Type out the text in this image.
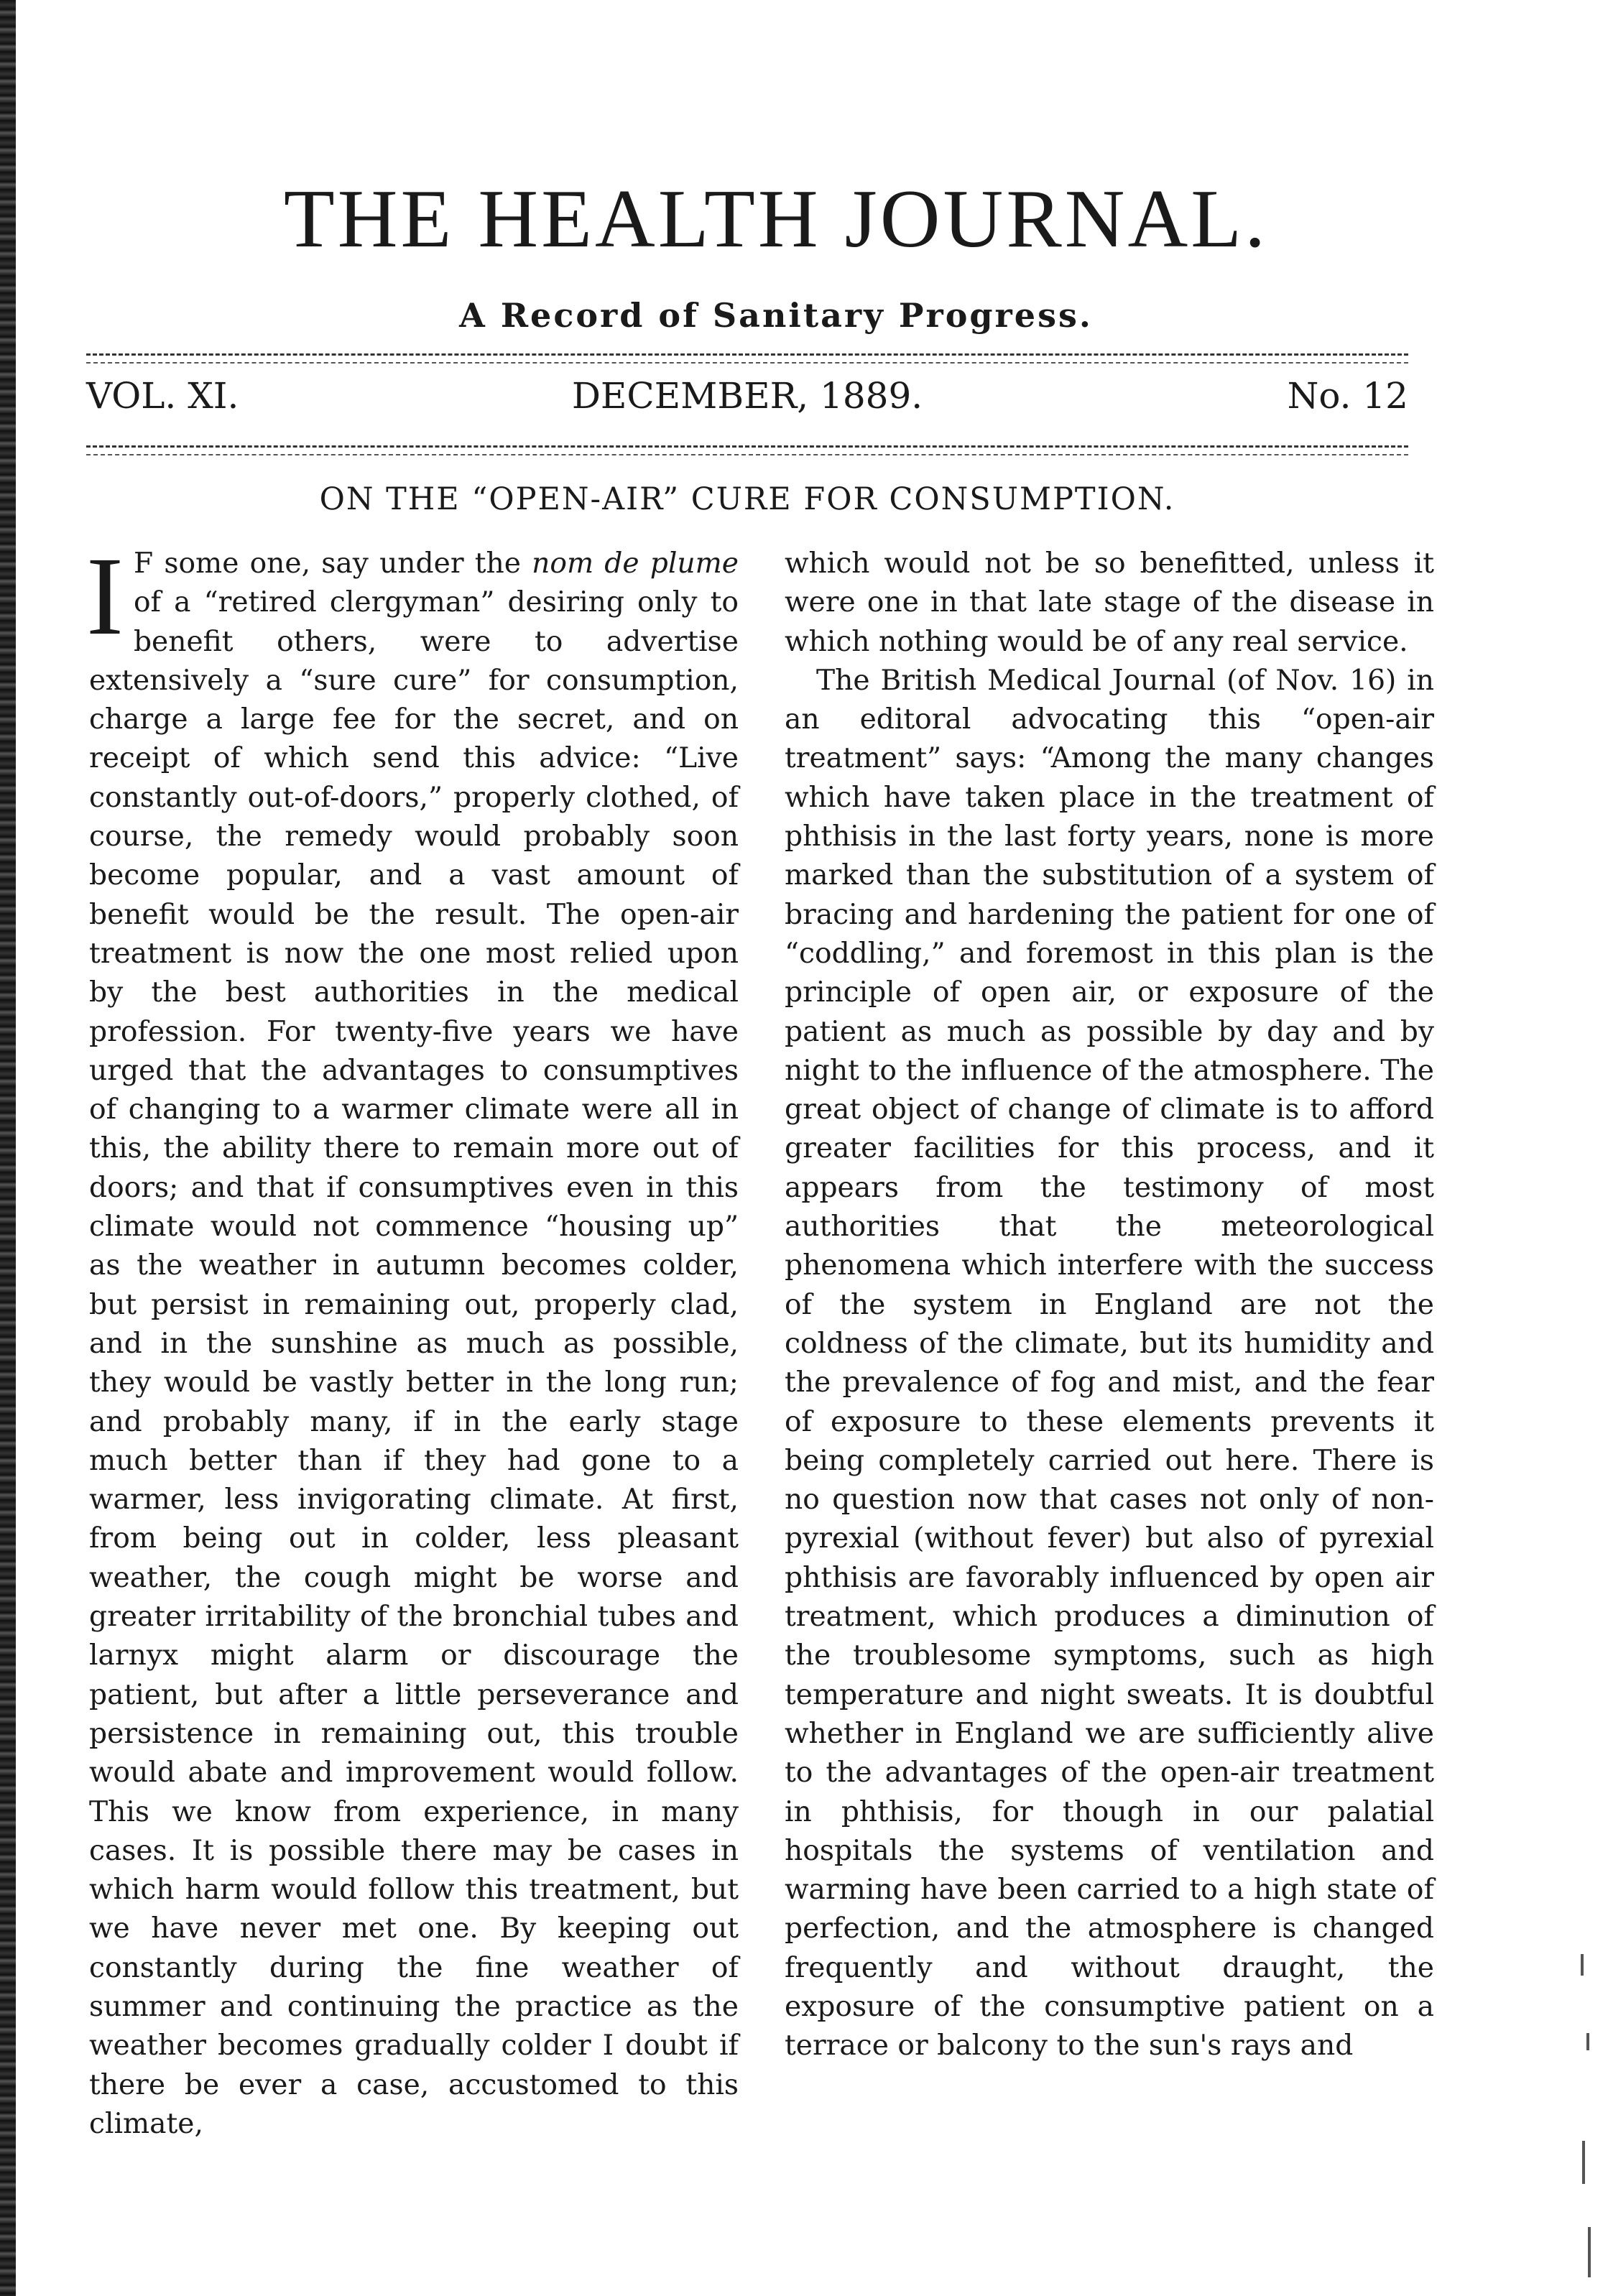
THE HEALTH JOURNAL.
A Record of Sanitary Progress.
VOL. XI.	DECEMBER, 1889.	No. 12
ON THE “OPEN-AIR” CURE FOR CONSUMPTION.

I F some one, say under the nom de plume of a “retired clergyman” desiring only to benefit others, were to advertise extensively a “sure cure” for consumption, charge a large fee for the secret, and on receipt of which send this advice: “Live constantly out-of-doors,” properly clothed, of course, the remedy would probably soon become popular, and a vast amount of benefit would be the result. The open-air treatment is now the one most relied upon by the best authorities in the medical profession. For twenty-five years we have urged that the advantages to consumptives of changing to a warmer climate were all in this, the ability there to remain more out of doors; and that if consumptives even in this climate would not commence “housing up” as the weather in autumn becomes colder, but persist in remaining out, properly clad, and in the sunshine as much as possible, they would be vastly better in the long run; and probably many, if in the early stage much better than if they had gone to a warmer, less invigorating climate. At first, from being out in colder, less pleasant weather, the cough might be worse and greater irritability of the bronchial tubes and larnyx might alarm or discourage the patient, but after a little perseverance and persistence in remaining out, this trouble would abate and improvement would follow. This we know from experience, in many cases. It is possible there may be cases in which harm would follow this treatment, but we have never met one. By keeping out constantly during the fine weather of summer and continuing the practice as the weather becomes gradually colder I doubt if there be ever a case, accustomed to this climate,

which would not be so benefitted, unless it were one in that late stage of the disease in which nothing would be of any real service.

The British Medical Journal (of Nov. 16) in an editoral advocating this “open-air treatment” says: “Among the many changes which have taken place in the treatment of phthisis in the last forty years, none is more marked than the substitution of a system of bracing and hardening the patient for one of “coddling,” and foremost in this plan is the principle of open air, or exposure of the patient as much as possible by day and by night to the influence of the atmosphere. The great object of change of climate is to afford greater facilities for this process, and it appears from the testimony of most authorities that the meteorological phenomena which interfere with the success of the system in England are not the coldness of the climate, but its humidity and the prevalence of fog and mist, and the fear of exposure to these elements prevents it being completely carried out here. There is no question now that cases not only of non-pyrexial (without fever) but also of pyrexial phthisis are favorably influenced by open air treatment, which produces a diminution of the troublesome symptoms, such as high temperature and night sweats. It is doubtful whether in England we are sufficiently alive to the advantages of the open-air treatment in phthisis, for though in our palatial hospitals the systems of ventilation and warming have been carried to a high state of perfection, and the atmosphere is changed frequently and without draught, the exposure of the consumptive patient on a terrace or balcony to the sun's rays and
